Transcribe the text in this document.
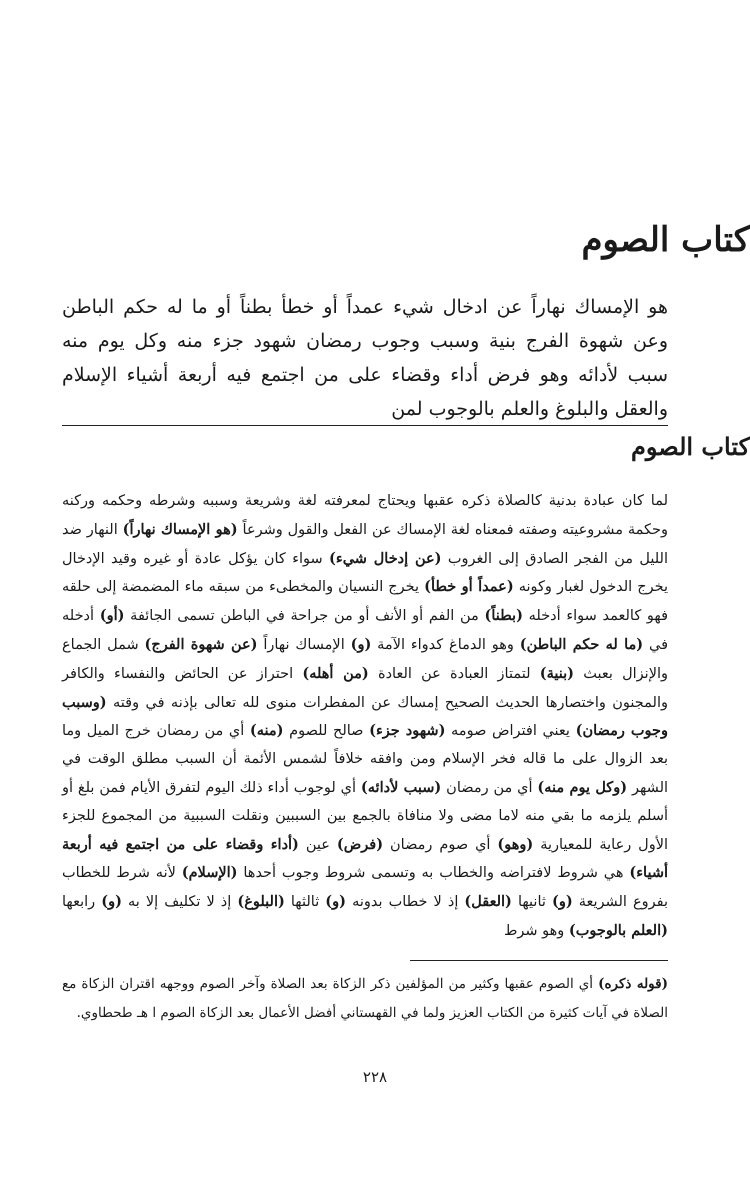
كتاب الصوم

هو الإمساك نهاراً عن ادخال شيء عمداً أو خطأ بطناً أو ما له حكم الباطن وعن شهوة الفرج بنية وسبب وجوب رمضان شهود جزء منه وكل يوم منه سبب لأدائه وهو فرض أداء وقضاء على من اجتمع فيه أربعة أشياء الإسلام والعقل والبلوغ والعلم بالوجوب لمن

كتاب الصوم

لما كان عبادة بدنية كالصلاة ذكره عقبها ويحتاج لمعرفته لغة وشريعة وسببه وشرطه وحكمه وركنه وحكمة مشروعيته وصفته فمعناه لغة الإمساك عن الفعل والقول وشرعاً (هو الإمساك نهاراً) النهار ضد الليل من الفجر الصادق إلى الغروب (عن إدخال شيء) سواء كان يؤكل عادة أو غيره وقيد الإدخال يخرج الدخول لغبار وكونه (عمداً أو خطأ) يخرج النسيان والمخطىء من سبقه ماء المضمضة إلى حلقه فهو كالعمد سواء أدخله (بطناً) من الفم أو الأنف أو من جراحة في الباطن تسمى الجائفة (أو) أدخله في (ما له حكم الباطن) وهو الدماغ كدواء الآمة (و) الإمساك نهاراً (عن شهوة الفرج) شمل الجماع والإنزال بعبث (بنية) لتمتاز العبادة عن العادة (من أهله) احتراز عن الحائض والنفساء والكافر والمجنون واختصارها الحديث الصحيح إمساك عن المفطرات منوى لله تعالى بإذنه في وقته (وسبب وجوب رمضان) يعني افتراض صومه (شهود جزء) صالح للصوم (منه) أي من رمضان خرج الميل وما بعد الزوال على ما قاله فخر الإسلام ومن وافقه خلافاً لشمس الأئمة أن السبب مطلق الوقت في الشهر (وكل يوم منه) أي من رمضان (سبب لأدائه) أي لوجوب أداء ذلك اليوم لتفرق الأيام فمن بلغ أو أسلم يلزمه ما بقي منه لاما مضى ولا منافاة بالجمع بين السببين ونقلت السببية من المجموع للجزء الأول رعاية للمعيارية (وهو) أي صوم رمضان (فرض) عين (أداء وقضاء على من اجتمع فيه أربعة أشياء) هي شروط لافتراضه والخطاب به وتسمى شروط وجوب أحدها (الإسلام) لأنه شرط للخطاب بفروع الشريعة (و) ثانيها (العقل) إذ لا خطاب بدونه (و) ثالثها (البلوغ) إذ لا تكليف إلا به (و) رابعها (العلم بالوجوب) وهو شرط

(قوله ذكره) أي الصوم عقبها وكثير من المؤلفين ذكر الزكاة بعد الصلاة وآخر الصوم ووجهه اقتران الزكاة مع الصلاة في آيات كثيرة من الكتاب العزيز ولما في القهستاني أفضل الأعمال بعد الزكاة الصوم ا هـ طحطاوي.

٢٢٨
